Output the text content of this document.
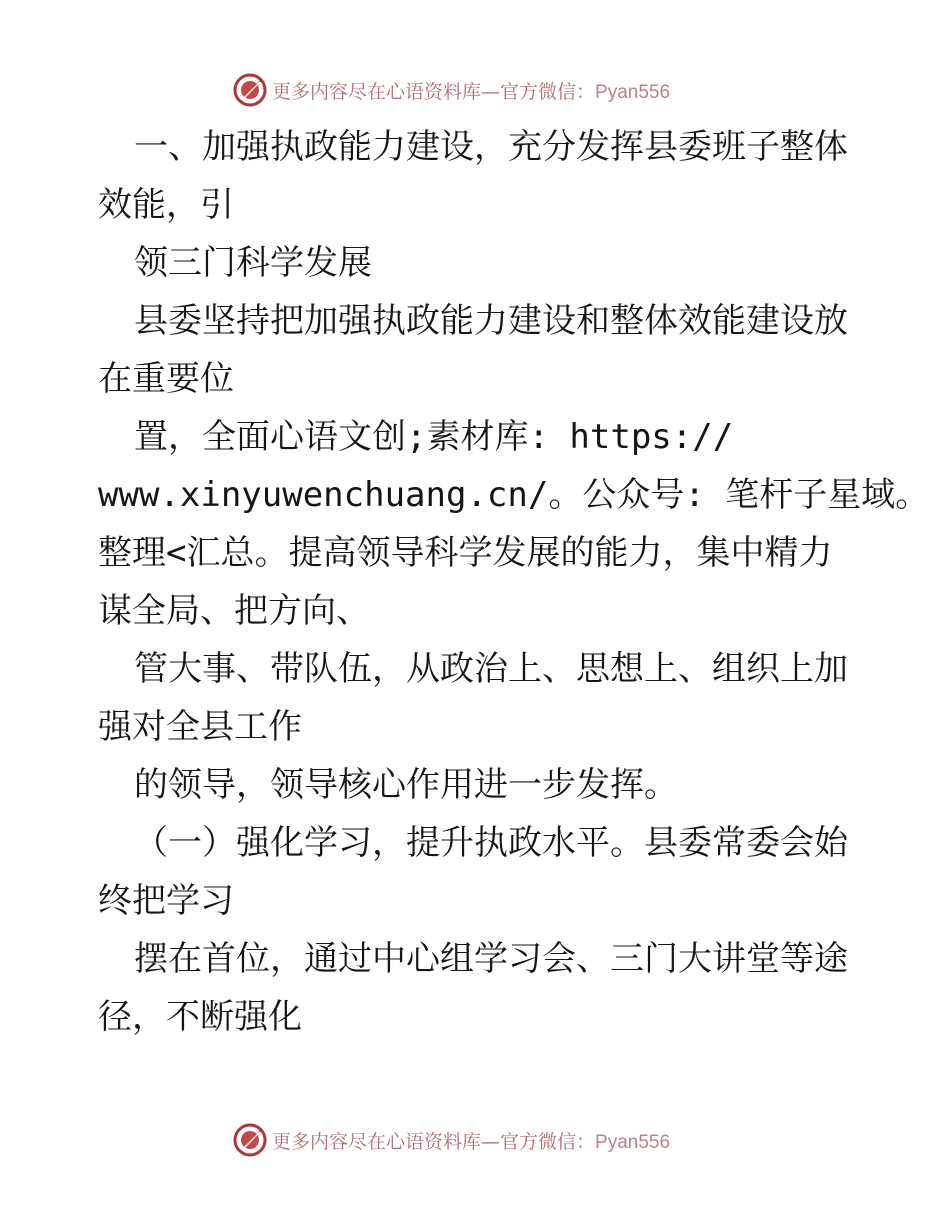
更多内容尽在心语资料库—官方微信：Pyan556
一、加强执政能力建设，充分发挥县委班子整体
效能，引
领三门科学发展
县委坚持把加强执政能力建设和整体效能建设放
在重要位
置，全面心语文创;素材库: https://
www.xinyuwenchuang.cn/。公众号: 笔杆子星域。
整理<汇总。提高领导科学发展的能力，集中精力
谋全局、把方向、
管大事、带队伍，从政治上、思想上、组织上加
强对全县工作
的领导，领导核心作用进一步发挥。
（一）强化学习，提升执政水平。县委常委会始
终把学习
摆在首位，通过中心组学习会、三门大讲堂等途
径，不断强化
更多内容尽在心语资料库—官方微信：Pyan556
